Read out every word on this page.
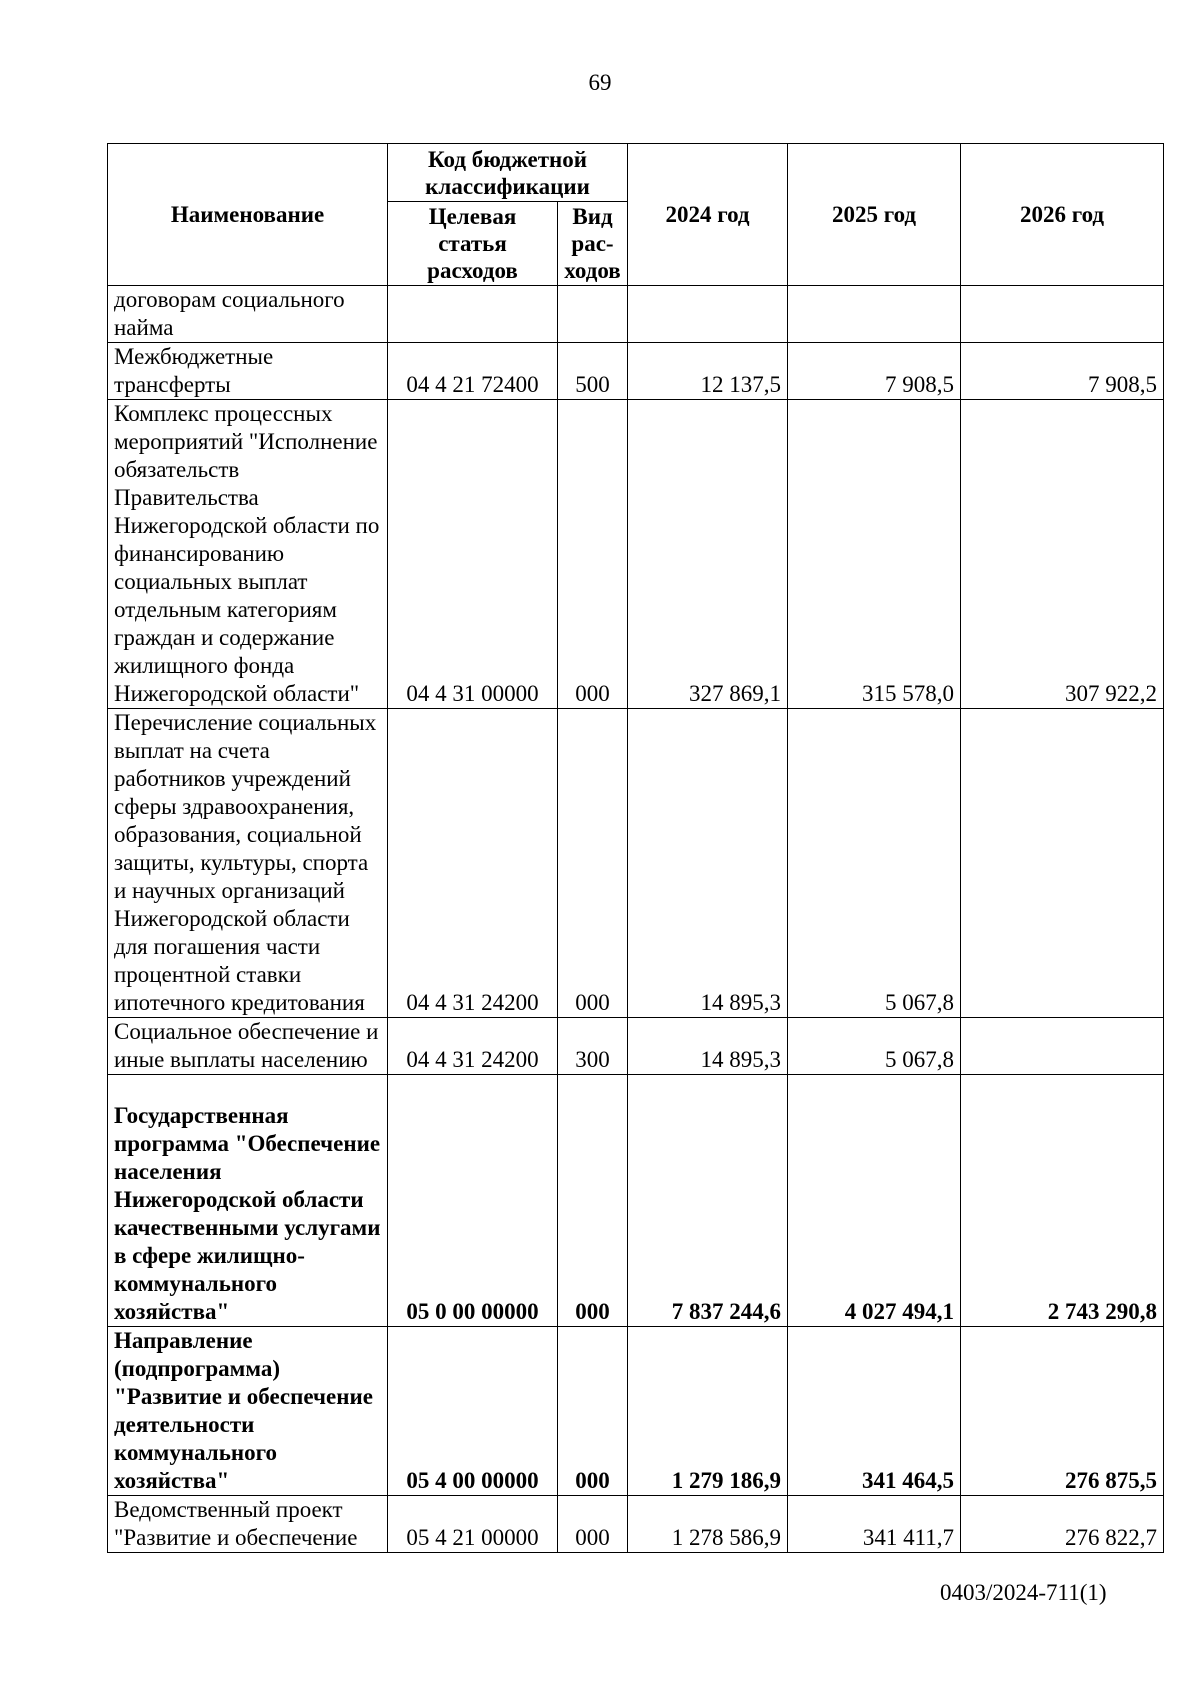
69
Наименование	Код бюджетной классификации		2024 год	2025 год	2026 год
	Целевая статья расходов	Вид рас-ходов			
договорам социального найма					
Межбюджетные трансферты	04 4 21 72400	500	12 137,5	7 908,5	7 908,5
Комплекс процессных мероприятий "Исполнение обязательств Правительства Нижегородской области по финансированию социальных выплат отдельным категориям граждан и содержание жилищного фонда Нижегородской области"	04 4 31 00000	000	327 869,1	315 578,0	307 922,2
Перечисление социальных выплат на счета работников учреждений сферы здравоохранения, образования, социальной защиты, культуры, спорта и научных организаций Нижегородской области для погашения части процентной ставки ипотечного кредитования	04 4 31 24200	000	14 895,3	5 067,8	
Социальное обеспечение и иные выплаты населению	04 4 31 24200	300	14 895,3	5 067,8	
Государственная программа "Обеспечение населения Нижегородской области качественными услугами в сфере жилищно-коммунального хозяйства"	05 0 00 00000	000	7 837 244,6	4 027 494,1	2 743 290,8
Направление (подпрограмма) "Развитие и обеспечение деятельности коммунального хозяйства"	05 4 00 00000	000	1 279 186,9	341 464,5	276 875,5
Ведомственный проект "Развитие и обеспечение	05 4 21 00000	000	1 278 586,9	341 411,7	276 822,7
0403/2024-711(1)
